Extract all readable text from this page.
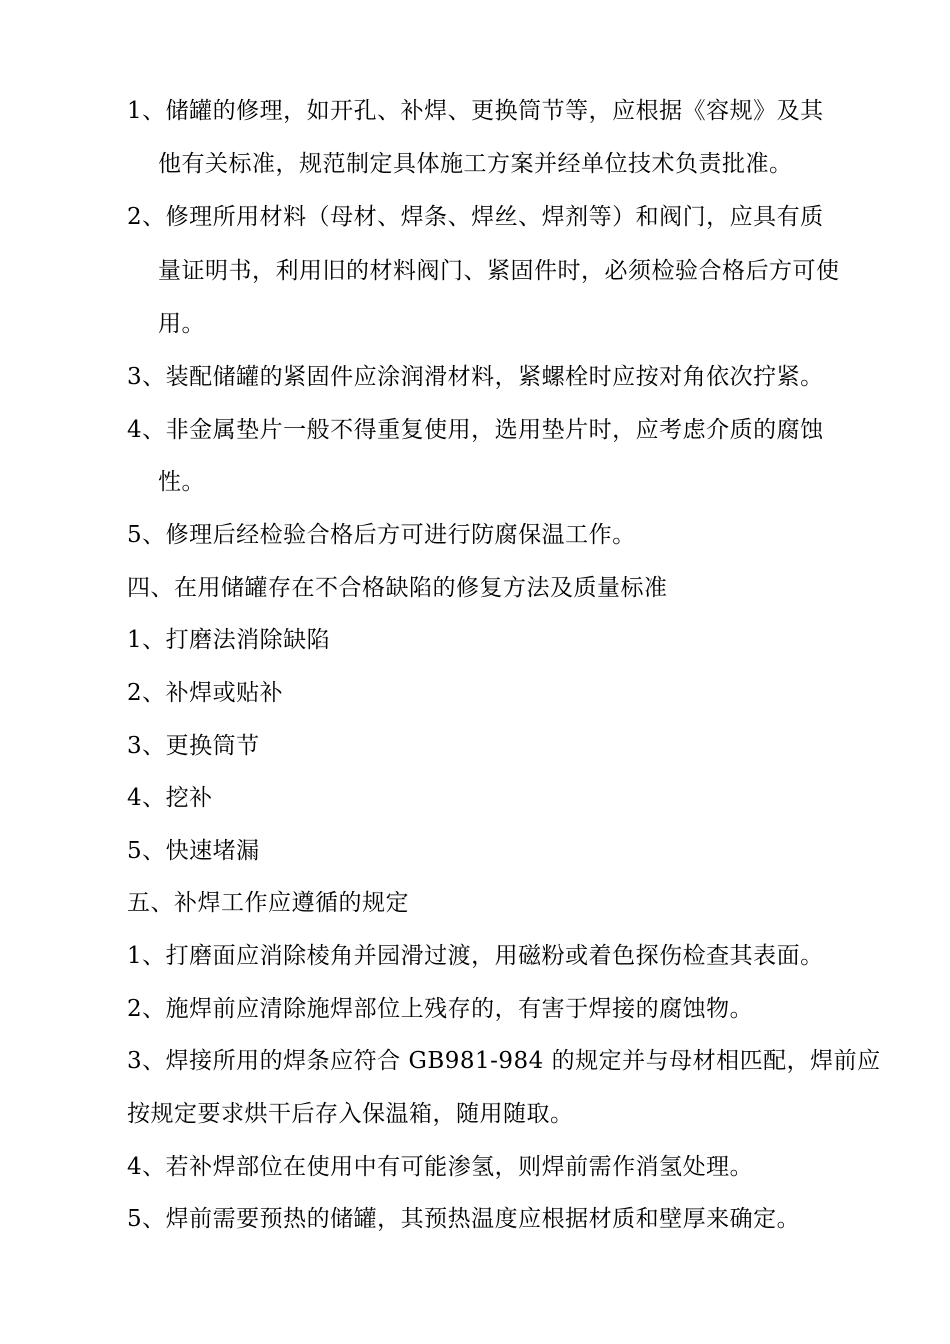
1、储罐的修理，如开孔、补焊、更换筒节等，应根据《容规》及其
他有关标准，规范制定具体施工方案并经单位技术负责批准。
2、修理所用材料（母材、焊条、焊丝、焊剂等）和阀门，应具有质
量证明书，利用旧的材料阀门、紧固件时，必须检验合格后方可使
用。
3、装配储罐的紧固件应涂润滑材料，紧螺栓时应按对角依次拧紧。
4、非金属垫片一般不得重复使用，选用垫片时，应考虑介质的腐蚀
性。
5、修理后经检验合格后方可进行防腐保温工作。
四、在用储罐存在不合格缺陷的修复方法及质量标准
1、打磨法消除缺陷
2、补焊或贴补
3、更换筒节
4、挖补
5、快速堵漏
五、补焊工作应遵循的规定
1、打磨面应消除棱角并园滑过渡，用磁粉或着色探伤检查其表面。
2、施焊前应清除施焊部位上残存的，有害于焊接的腐蚀物。
3、焊接所用的焊条应符合 GB981-984 的规定并与母材相匹配，焊前应
按规定要求烘干后存入保温箱，随用随取。
4、若补焊部位在使用中有可能渗氢，则焊前需作消氢处理。
5、焊前需要预热的储罐，其预热温度应根据材质和壁厚来确定。
